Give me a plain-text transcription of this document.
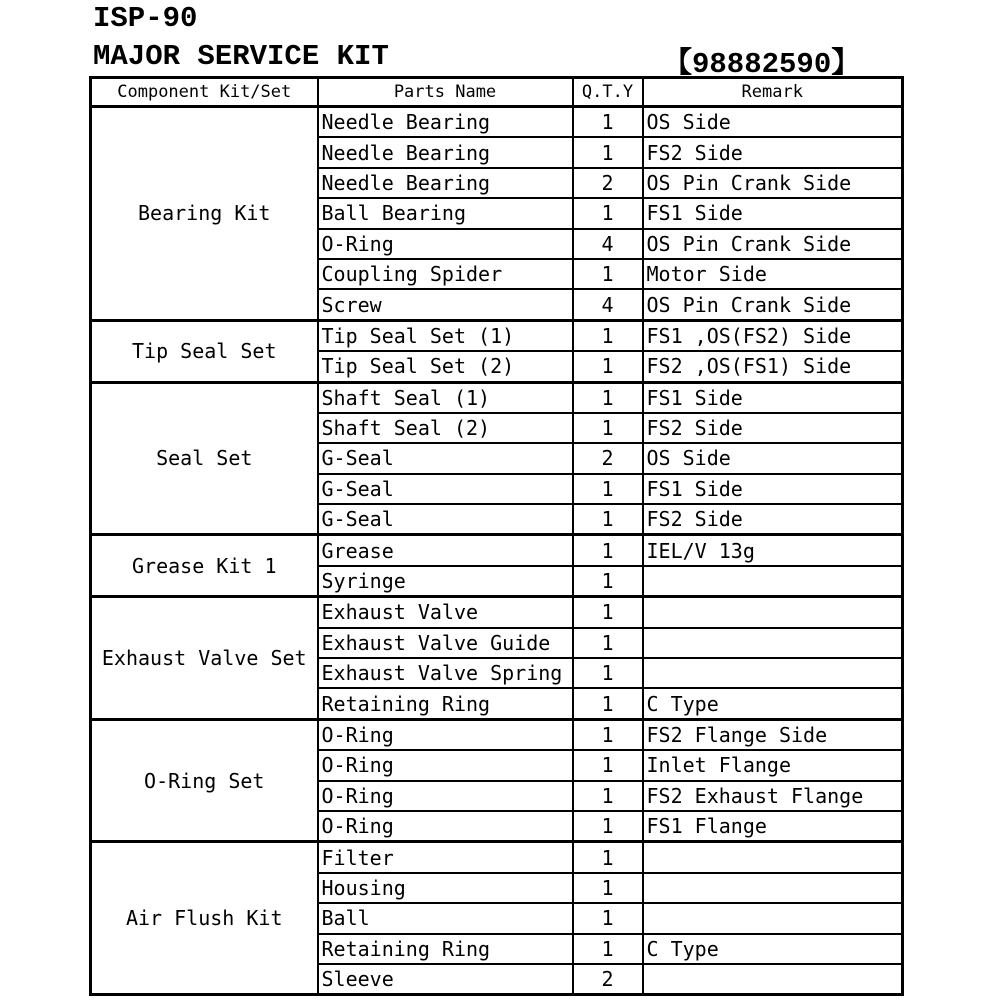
ISP-90
MAJOR SERVICE KIT	【98882590】
Component Kit/Set	Parts Name	Q.T.Y	Remark
Bearing Kit	Needle Bearing	1	OS Side
	Needle Bearing	1	FS2 Side
	Needle Bearing	2	OS Pin Crank Side
	Ball Bearing	1	FS1 Side
	O-Ring	4	OS Pin Crank Side
	Coupling Spider	1	Motor Side
	Screw	4	OS Pin Crank Side
Tip Seal Set	Tip Seal Set (1)	1	FS1 ,OS(FS2) Side
	Tip Seal Set (2)	1	FS2 ,OS(FS1) Side
Seal Set	Shaft Seal (1)	1	FS1 Side
	Shaft Seal (2)	1	FS2 Side
	G-Seal	2	OS Side
	G-Seal	1	FS1 Side
	G-Seal	1	FS2 Side
Grease Kit 1	Grease	1	IEL/V 13g
	Syringe	1	
Exhaust Valve Set	Exhaust Valve	1	
	Exhaust Valve Guide	1	
	Exhaust Valve Spring	1	
	Retaining Ring	1	C Type
O-Ring Set	O-Ring	1	FS2 Flange Side
	O-Ring	1	Inlet Flange
	O-Ring	1	FS2 Exhaust Flange
	O-Ring	1	FS1 Flange
Air Flush Kit	Filter	1	
	Housing	1	
	Ball	1	
	Retaining Ring	1	C Type
	Sleeve	2	
